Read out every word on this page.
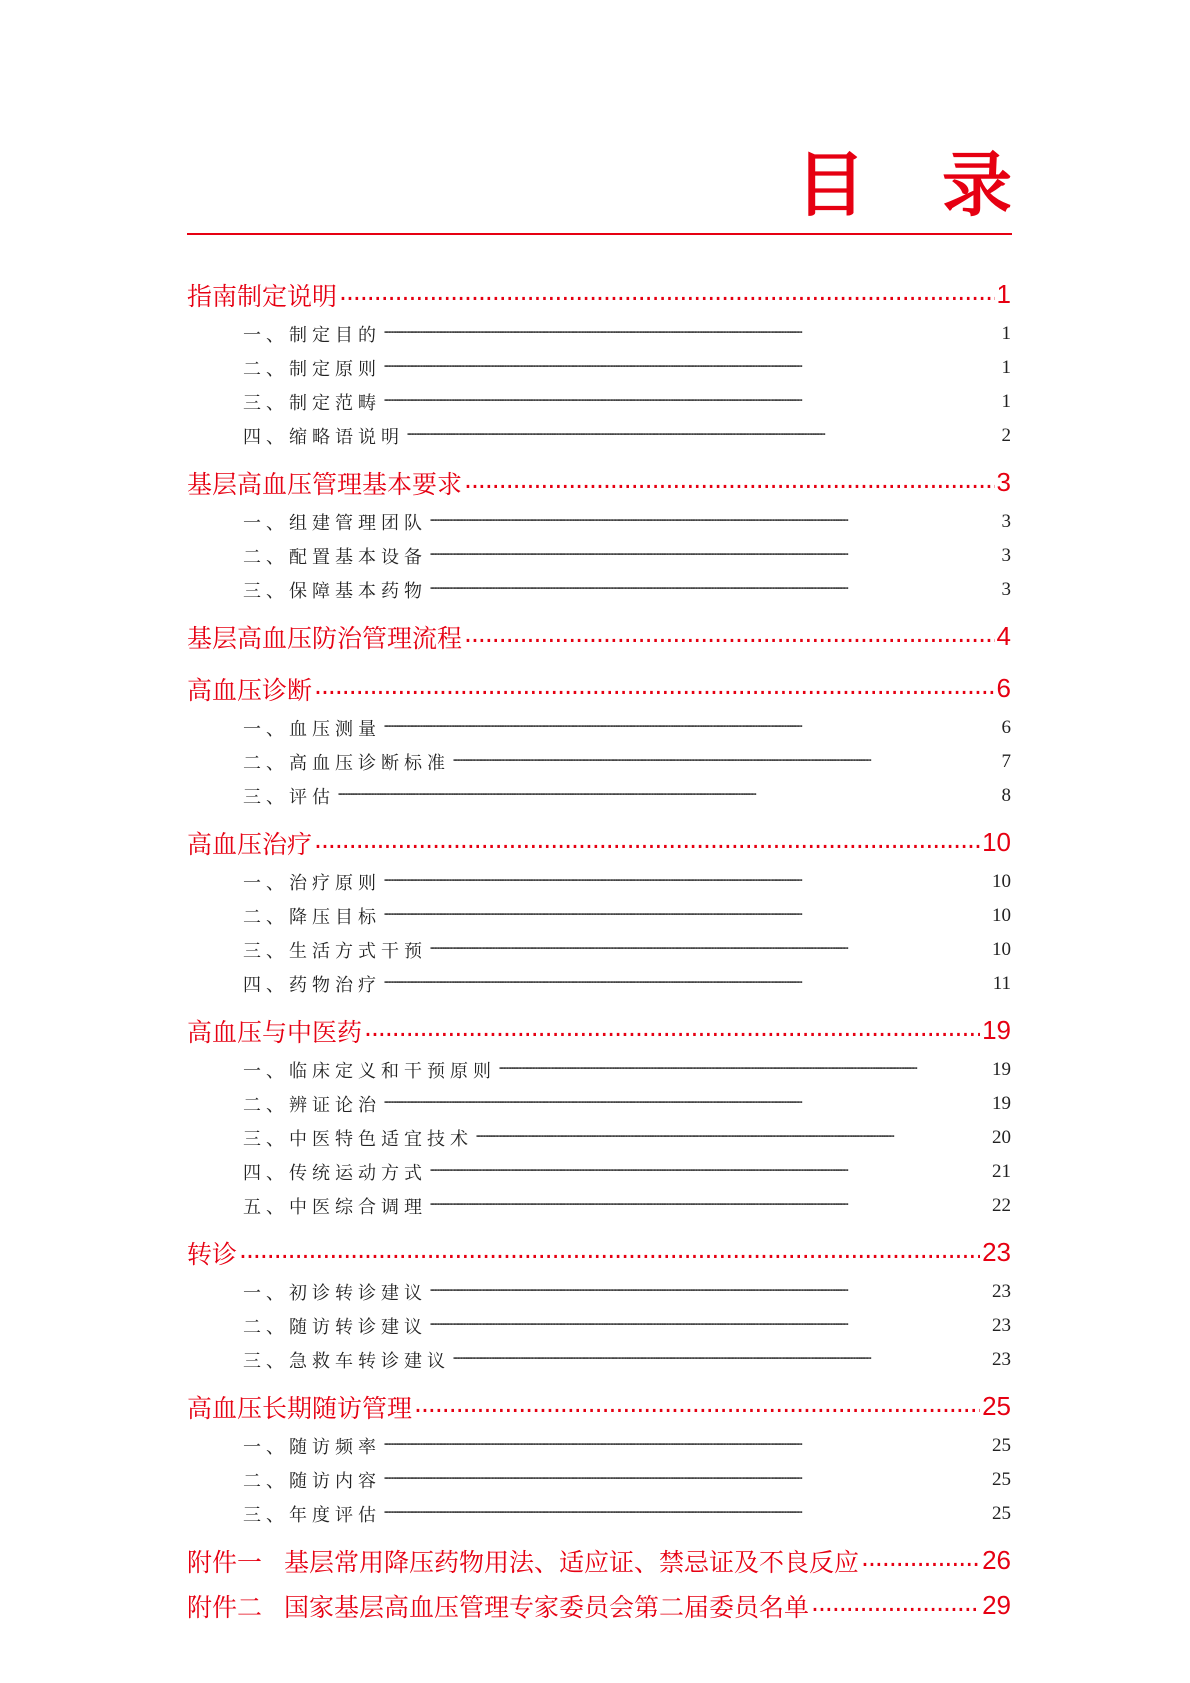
目 录
指南制定说明 ·····	1
一、制定目的 ·····	1
二、制定原则 ·····	1
三、制定范畴 ·····	1
四、缩略语说明 ·····	2
基层高血压管理基本要求 ·····	3
一、组建管理团队 ·····	3
二、配置基本设备 ·····	3
三、保障基本药物 ·····	3
基层高血压防治管理流程 ·····	4
高血压诊断 ·····	6
一、血压测量 ·····	6
二、高血压诊断标准 ·····	7
三、评估 ·····	8
高血压治疗 ·····	10
一、治疗原则 ·····	10
二、降压目标 ·····	10
三、生活方式干预 ·····	10
四、药物治疗 ·····	11
高血压与中医药 ·····	19
一、临床定义和干预原则 ·····	19
二、辨证论治 ·····	19
三、中医特色适宜技术 ·····	20
四、传统运动方式 ·····	21
五、中医综合调理 ·····	22
转诊 ·····	23
一、初诊转诊建议 ·····	23
二、随访转诊建议 ·····	23
三、急救车转诊建议 ·····	23
高血压长期随访管理 ·····	25
一、随访频率 ·····	25
二、随访内容 ·····	25
三、年度评估 ·····	25
附件一 基层常用降压药物用法、适应证、禁忌证及不良反应 ·····	26
附件二 国家基层高血压管理专家委员会第二届委员名单 ·····	29
